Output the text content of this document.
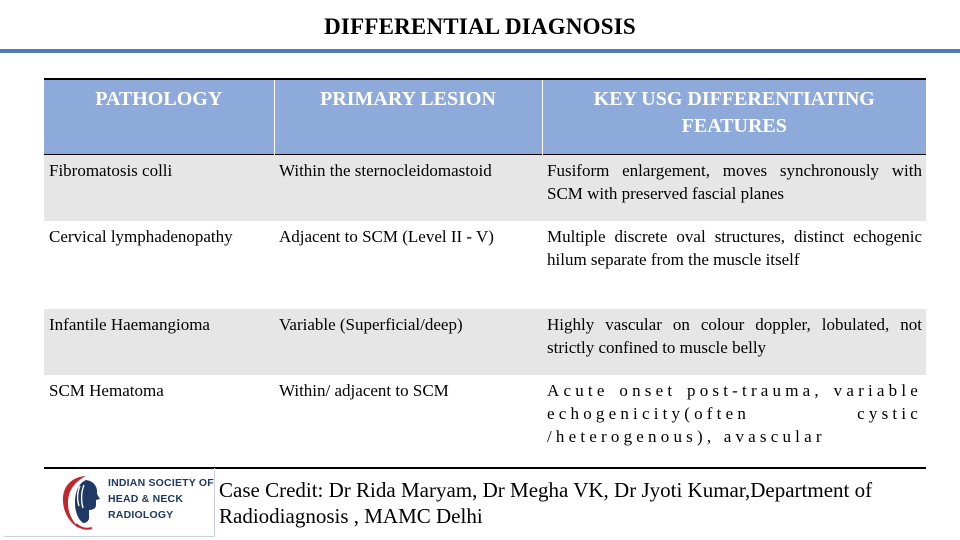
DIFFERENTIAL DIAGNOSIS
PATHOLOGY	PRIMARY LESION	KEY USG DIFFERENTIATING FEATURES
Fibromatosis colli	Within the sternocleidomastoid	Fusiform enlargement, moves synchronously with SCM with preserved fascial planes
Cervical lymphadenopathy	Adjacent to SCM (Level II - V)	Multiple discrete oval structures, distinct echogenic hilum separate from the muscle itself
Infantile Haemangioma	Variable (Superficial/deep)	Highly vascular on colour doppler, lobulated, not strictly confined to muscle belly
SCM Hematoma	Within/ adjacent to SCM	Acute onset post-trauma, variable echogenicity(often cystic /heterogenous), avascular
INDIAN SOCIETY OF
HEAD & NECK
RADIOLOGY
Case Credit: Dr Rida Maryam, Dr Megha VK, Dr Jyoti Kumar,Department of Radiodiagnosis , MAMC Delhi
